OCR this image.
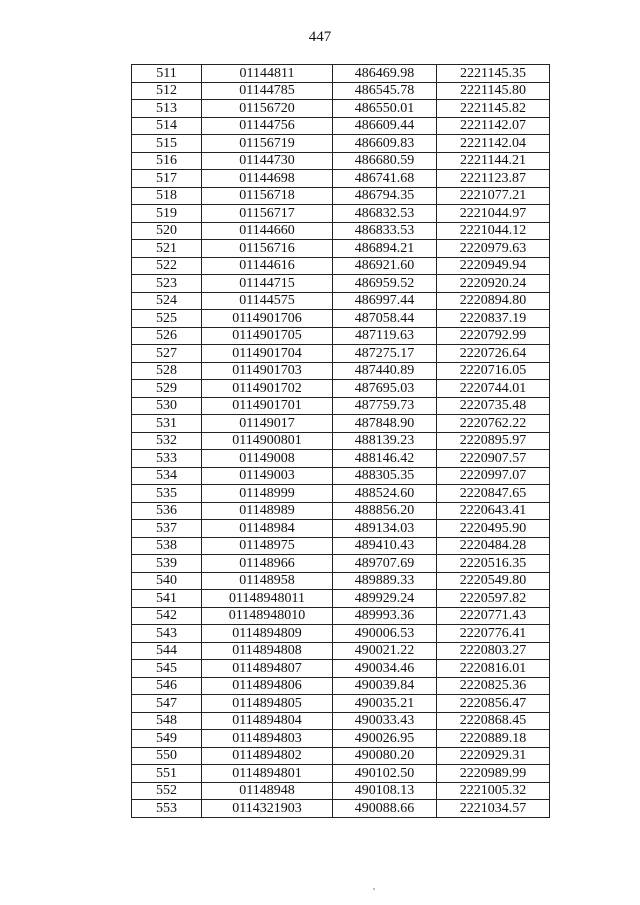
447
511	01144811	486469.98	2221145.35
512	01144785	486545.78	2221145.80
513	01156720	486550.01	2221145.82
514	01144756	486609.44	2221142.07
515	01156719	486609.83	2221142.04
516	01144730	486680.59	2221144.21
517	01144698	486741.68	2221123.87
518	01156718	486794.35	2221077.21
519	01156717	486832.53	2221044.97
520	01144660	486833.53	2221044.12
521	01156716	486894.21	2220979.63
522	01144616	486921.60	2220949.94
523	01144715	486959.52	2220920.24
524	01144575	486997.44	2220894.80
525	0114901706	487058.44	2220837.19
526	0114901705	487119.63	2220792.99
527	0114901704	487275.17	2220726.64
528	0114901703	487440.89	2220716.05
529	0114901702	487695.03	2220744.01
530	0114901701	487759.73	2220735.48
531	01149017	487848.90	2220762.22
532	0114900801	488139.23	2220895.97
533	01149008	488146.42	2220907.57
534	01149003	488305.35	2220997.07
535	01148999	488524.60	2220847.65
536	01148989	488856.20	2220643.41
537	01148984	489134.03	2220495.90
538	01148975	489410.43	2220484.28
539	01148966	489707.69	2220516.35
540	01148958	489889.33	2220549.80
541	01148948011	489929.24	2220597.82
542	01148948010	489993.36	2220771.43
543	0114894809	490006.53	2220776.41
544	0114894808	490021.22	2220803.27
545	0114894807	490034.46	2220816.01
546	0114894806	490039.84	2220825.36
547	0114894805	490035.21	2220856.47
548	0114894804	490033.43	2220868.45
549	0114894803	490026.95	2220889.18
550	0114894802	490080.20	2220929.31
551	0114894801	490102.50	2220989.99
552	01148948	490108.13	2221005.32
553	0114321903	490088.66	2221034.57
